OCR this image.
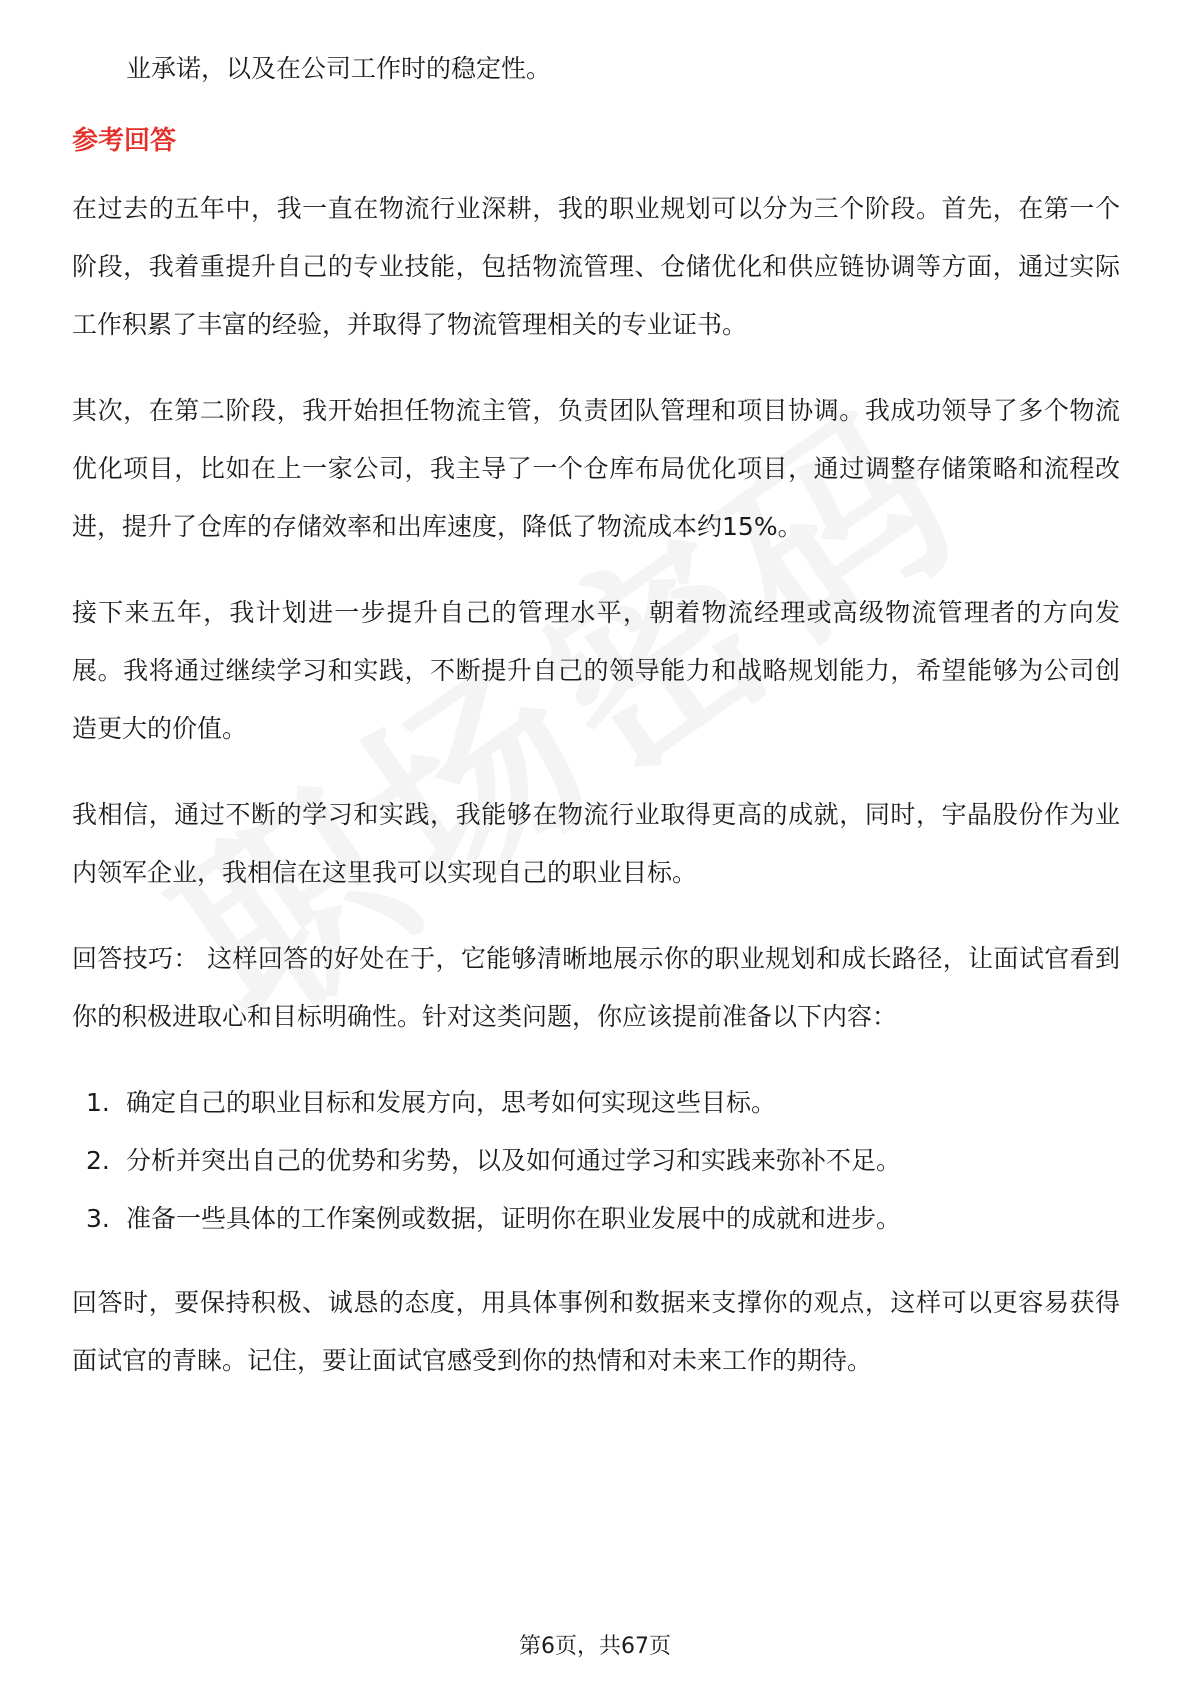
业承诺，以及在公司工作时的稳定性。

参考回答

在过去的五年中，我一直在物流行业深耕，我的职业规划可以分为三个阶段。首先，在第一个阶段，我着重提升自己的专业技能，包括物流管理、仓储优化和供应链协调等方面，通过实际工作积累了丰富的经验，并取得了物流管理相关的专业证书。

其次，在第二阶段，我开始担任物流主管，负责团队管理和项目协调。我成功领导了多个物流优化项目，比如在上一家公司，我主导了一个仓库布局优化项目，通过调整存储策略和流程改进，提升了仓库的存储效率和出库速度，降低了物流成本约15%。

接下来五年，我计划进一步提升自己的管理水平，朝着物流经理或高级物流管理者的方向发展。我将通过继续学习和实践，不断提升自己的领导能力和战略规划能力，希望能够为公司创造更大的价值。

我相信，通过不断的学习和实践，我能够在物流行业取得更高的成就，同时，宇晶股份作为业内领军企业，我相信在这里我可以实现自己的职业目标。

回答技巧： 这样回答的好处在于，它能够清晰地展示你的职业规划和成长路径，让面试官看到你的积极进取心和目标明确性。针对这类问题，你应该提前准备以下内容：

1. 确定自己的职业目标和发展方向，思考如何实现这些目标。
2. 分析并突出自己的优势和劣势，以及如何通过学习和实践来弥补不足。
3. 准备一些具体的工作案例或数据，证明你在职业发展中的成就和进步。

回答时，要保持积极、诚恳的态度，用具体事例和数据来支撑你的观点，这样可以更容易获得面试官的青睐。记住，要让面试官感受到你的热情和对未来工作的期待。

第6页，共67页
